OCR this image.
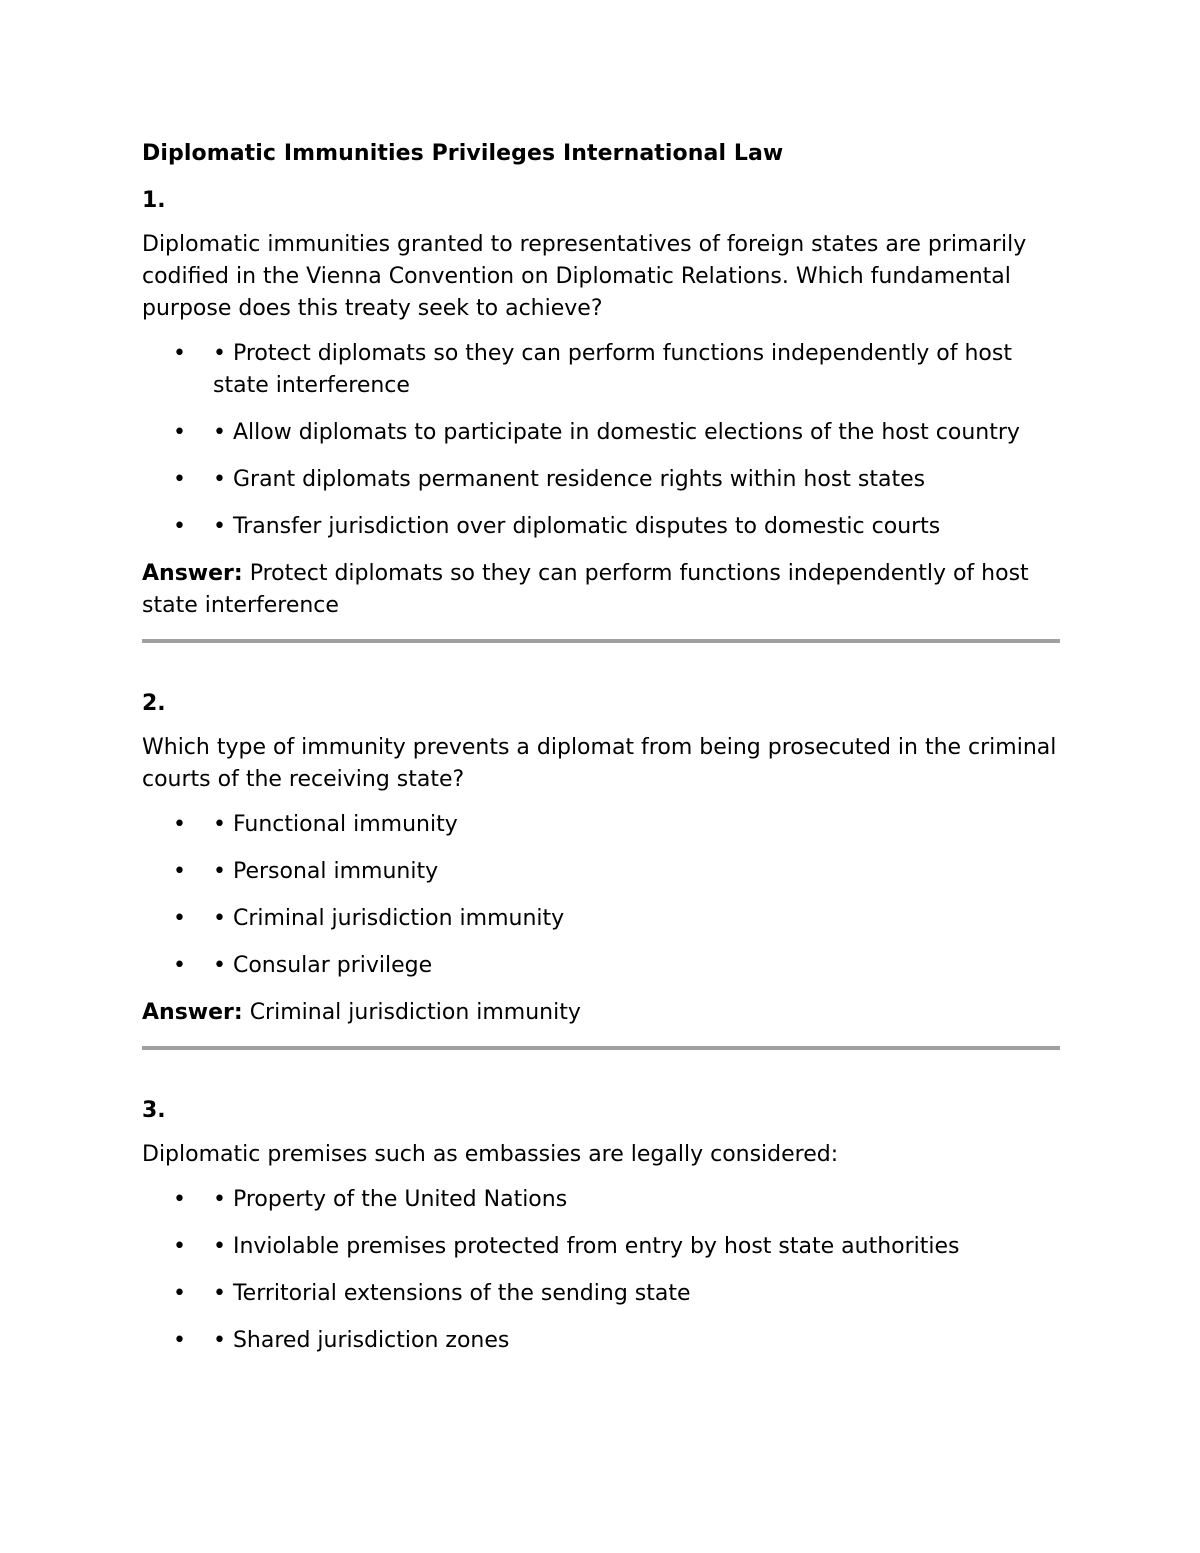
Diplomatic Immunities Privileges International Law
1.
Diplomatic immunities granted to representatives of foreign states are primarily codified in the Vienna Convention on Diplomatic Relations. Which fundamental purpose does this treaty seek to achieve?
• • Protect diplomats so they can perform functions independently of host state interference
• • Allow diplomats to participate in domestic elections of the host country
• • Grant diplomats permanent residence rights within host states
• • Transfer jurisdiction over diplomatic disputes to domestic courts
Answer: Protect diplomats so they can perform functions independently of host state interference
2.
Which type of immunity prevents a diplomat from being prosecuted in the criminal courts of the receiving state?
• • Functional immunity
• • Personal immunity
• • Criminal jurisdiction immunity
• • Consular privilege
Answer: Criminal jurisdiction immunity
3.
Diplomatic premises such as embassies are legally considered:
• • Property of the United Nations
• • Inviolable premises protected from entry by host state authorities
• • Territorial extensions of the sending state
• • Shared jurisdiction zones
